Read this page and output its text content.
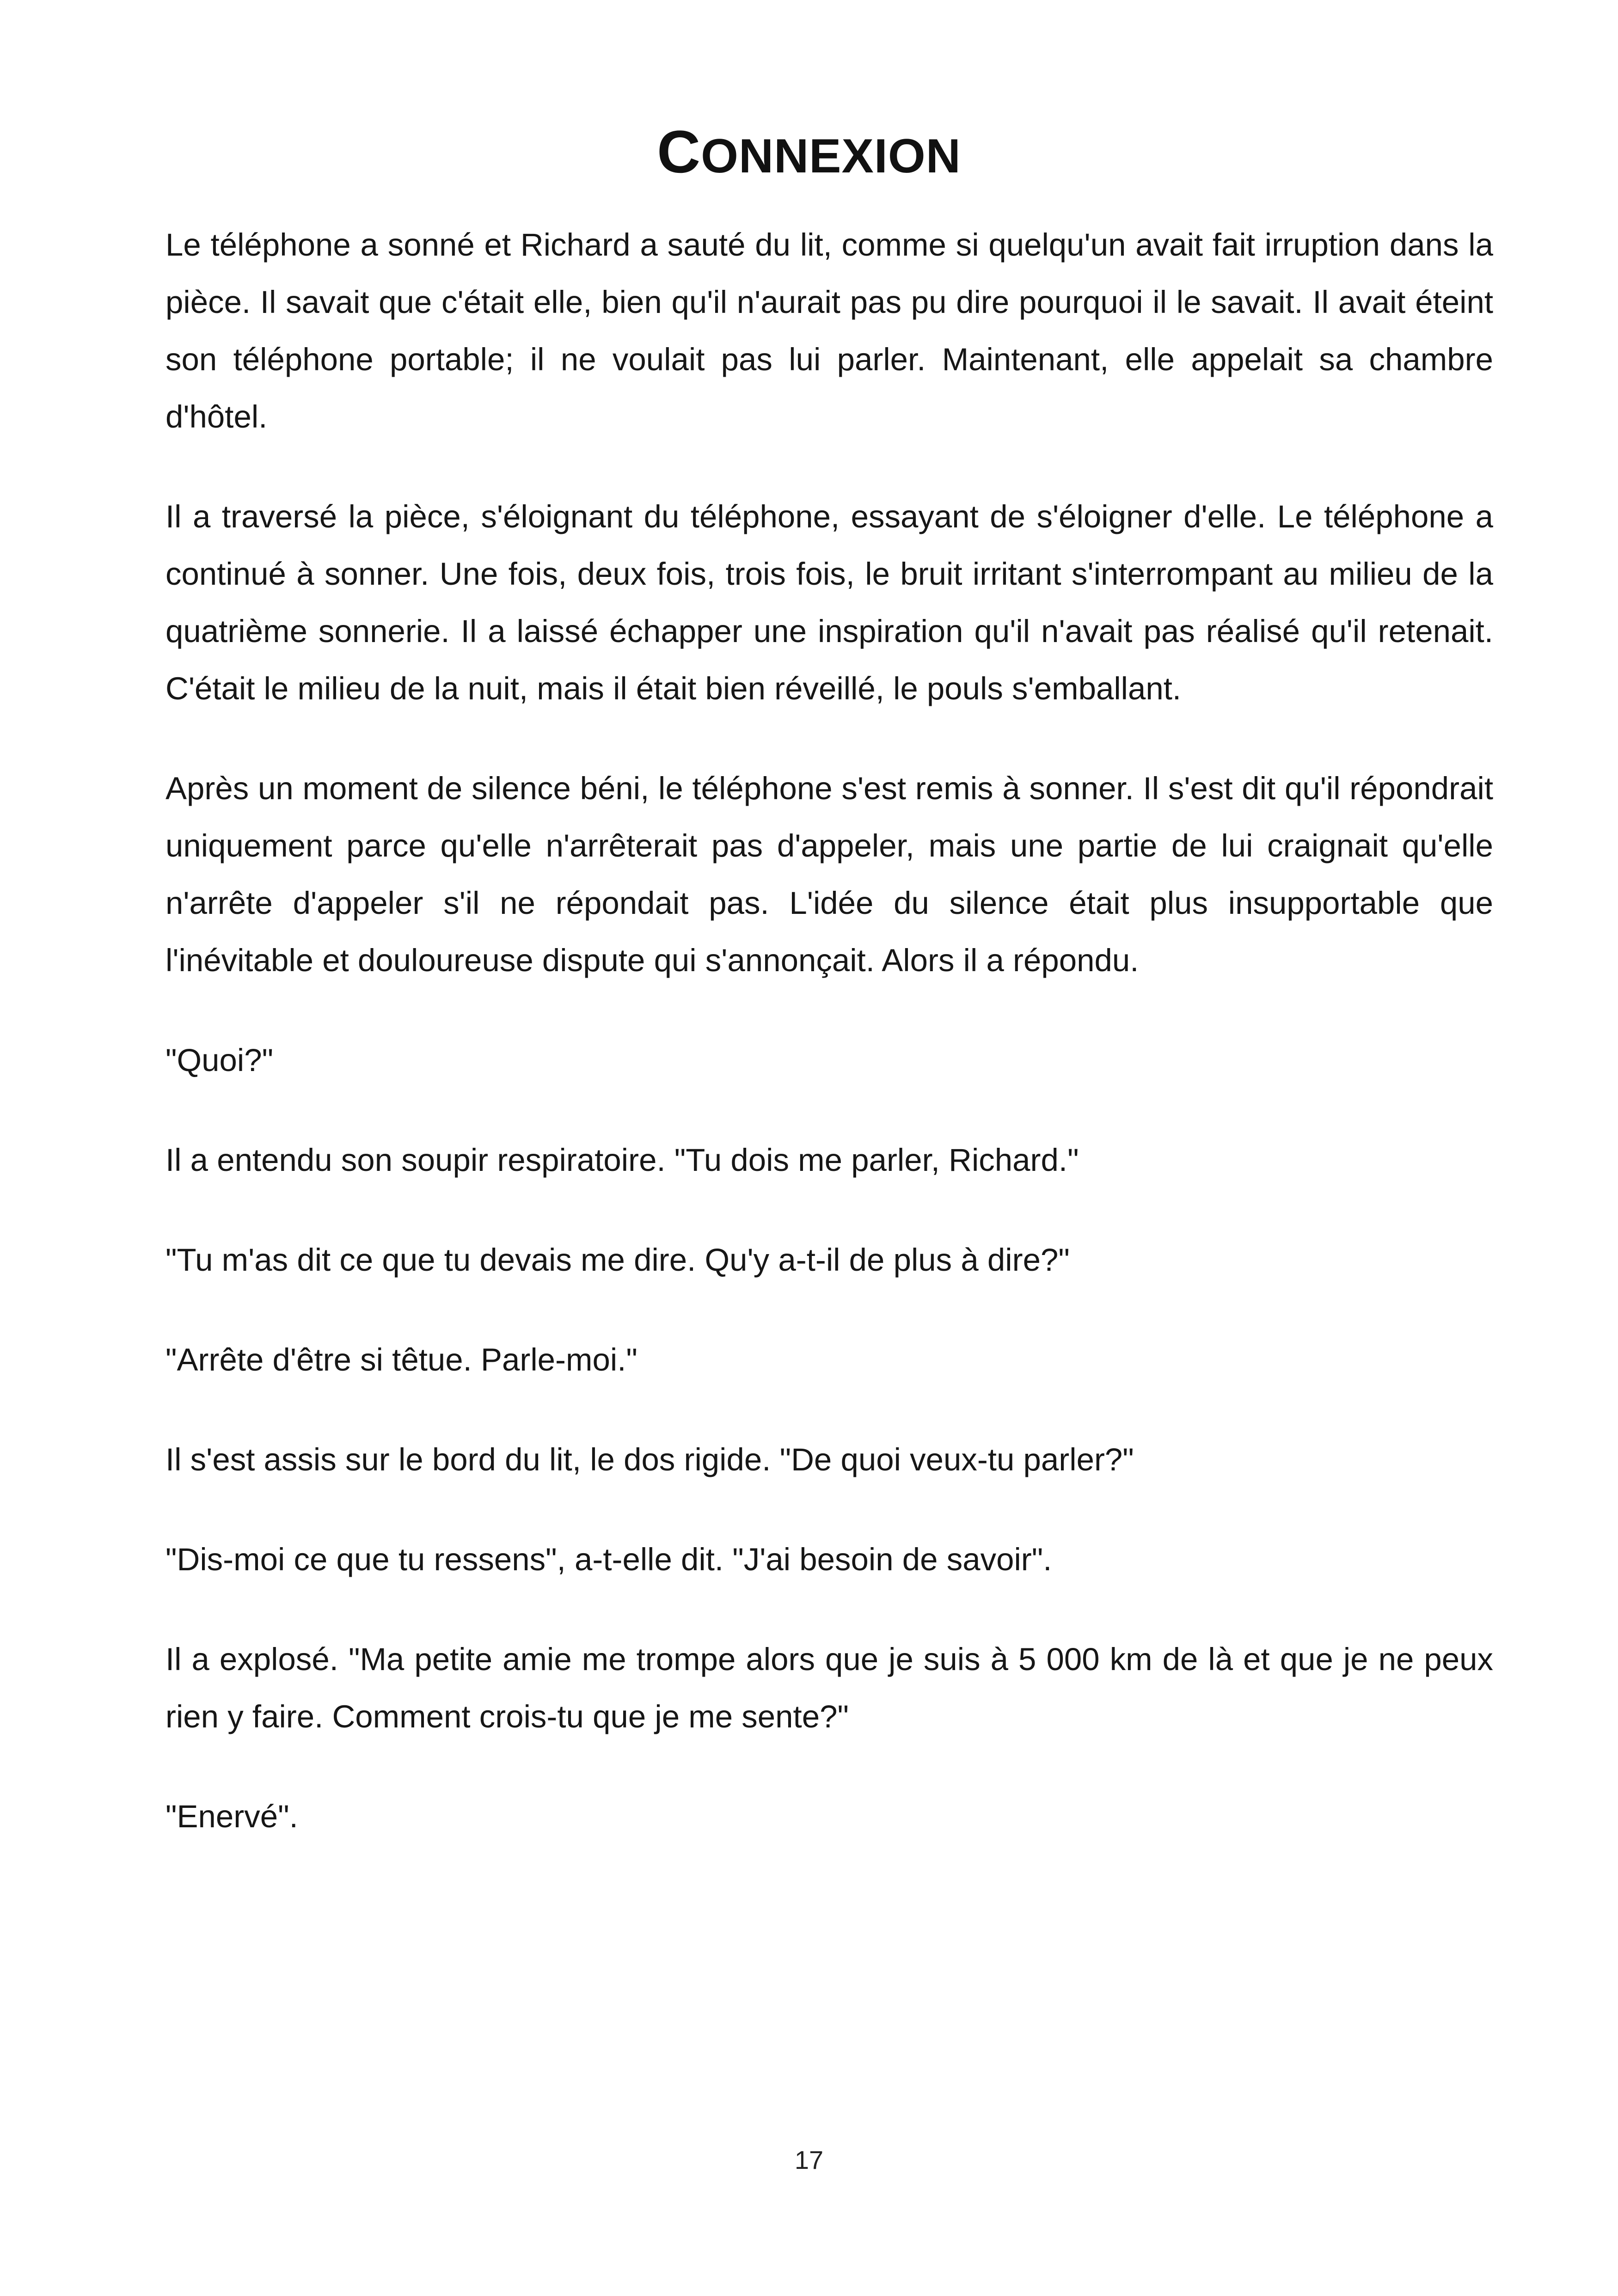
CONNEXION

Le téléphone a sonné et Richard a sauté du lit, comme si quelqu'un avait fait irruption dans la pièce. Il savait que c'était elle, bien qu'il n'aurait pas pu dire pourquoi il le savait. Il avait éteint son téléphone portable; il ne voulait pas lui parler. Maintenant, elle appelait sa chambre d'hôtel.

Il a traversé la pièce, s'éloignant du téléphone, essayant de s'éloigner d'elle. Le téléphone a continué à sonner. Une fois, deux fois, trois fois, le bruit irritant s'interrompant au milieu de la quatrième sonnerie. Il a laissé échapper une inspiration qu'il n'avait pas réalisé qu'il retenait. C'était le milieu de la nuit, mais il était bien réveillé, le pouls s'emballant.

Après un moment de silence béni, le téléphone s'est remis à sonner. Il s'est dit qu'il répondrait uniquement parce qu'elle n'arrêterait pas d'appeler, mais une partie de lui craignait qu'elle n'arrête d'appeler s'il ne répondait pas. L'idée du silence était plus insupportable que l'inévitable et douloureuse dispute qui s'annonçait. Alors il a répondu.

"Quoi?"

Il a entendu son soupir respiratoire. "Tu dois me parler, Richard."

"Tu m'as dit ce que tu devais me dire. Qu'y a-t-il de plus à dire?"

"Arrête d'être si têtue. Parle-moi."

Il s'est assis sur le bord du lit, le dos rigide. "De quoi veux-tu parler?"

"Dis-moi ce que tu ressens", a-t-elle dit. "J'ai besoin de savoir".

Il a explosé. "Ma petite amie me trompe alors que je suis à 5 000 km de là et que je ne peux rien y faire. Comment crois-tu que je me sente?"

"Enervé".

17
